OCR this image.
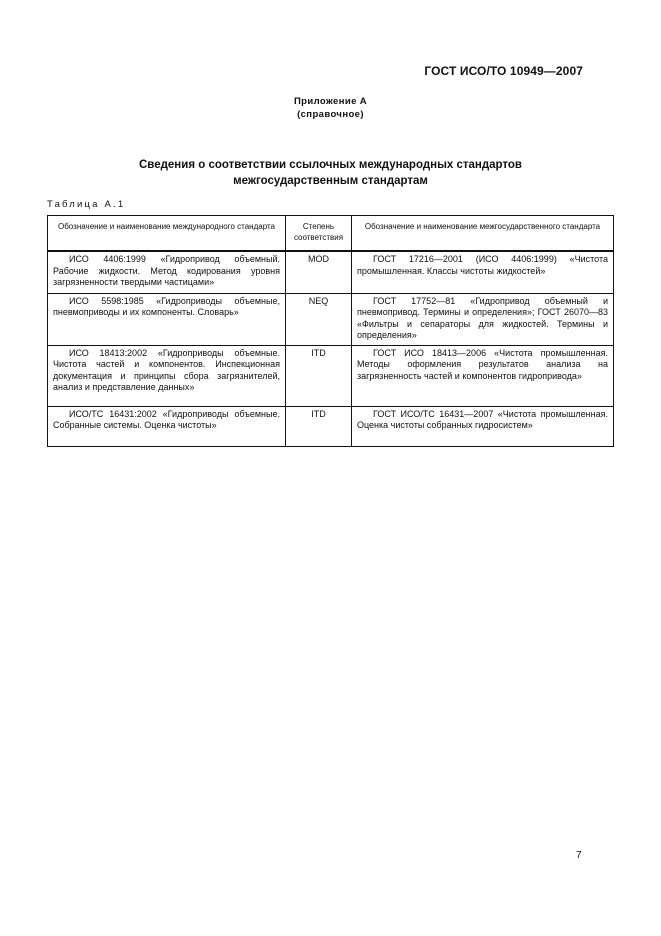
ГОСТ ИСО/ТО 10949—2007
Приложение А
(справочное)
Сведения о соответствии ссылочных международных стандартов
межгосударственным стандартам
Таблица А.1
Обозначение и наименование международного стандарта	Степень соответствия	Обозначение и наименование межгосударственного стандарта
ИСО 4406:1999 «Гидропривод объемный. Рабочие жидкости. Метод кодирования уровня загрязненности твердыми частицами»	MOD	ГОСТ 17216—2001 (ИСО 4406:1999) «Чистота промышленная. Классы чистоты жидкостей»
ИСО 5598:1985 «Гидроприводы объемные, пневмоприводы и их компоненты. Словарь»	NEQ	ГОСТ 17752—81 «Гидропривод объемный и пневмопривод. Термины и определения»; ГОСТ 26070—83 «Фильтры и сепараторы для жидкостей. Термины и определения»
ИСО 18413:2002 «Гидроприводы объемные. Чистота частей и компонентов. Инспекционная документация и принципы сбора загрязнителей, анализ и представление данных»	ITD	ГОСТ ИСО 18413—2006 «Чистота промышленная. Методы оформления результатов анализа на загрязненность частей и компонентов гидропривода»
ИСО/ТС 16431:2002 «Гидроприводы объемные. Собранные системы. Оценка чистоты»	ITD	ГОСТ ИСО/ТС 16431—2007 «Чистота промышленная. Оценка чистоты собранных гидросистем»
7
